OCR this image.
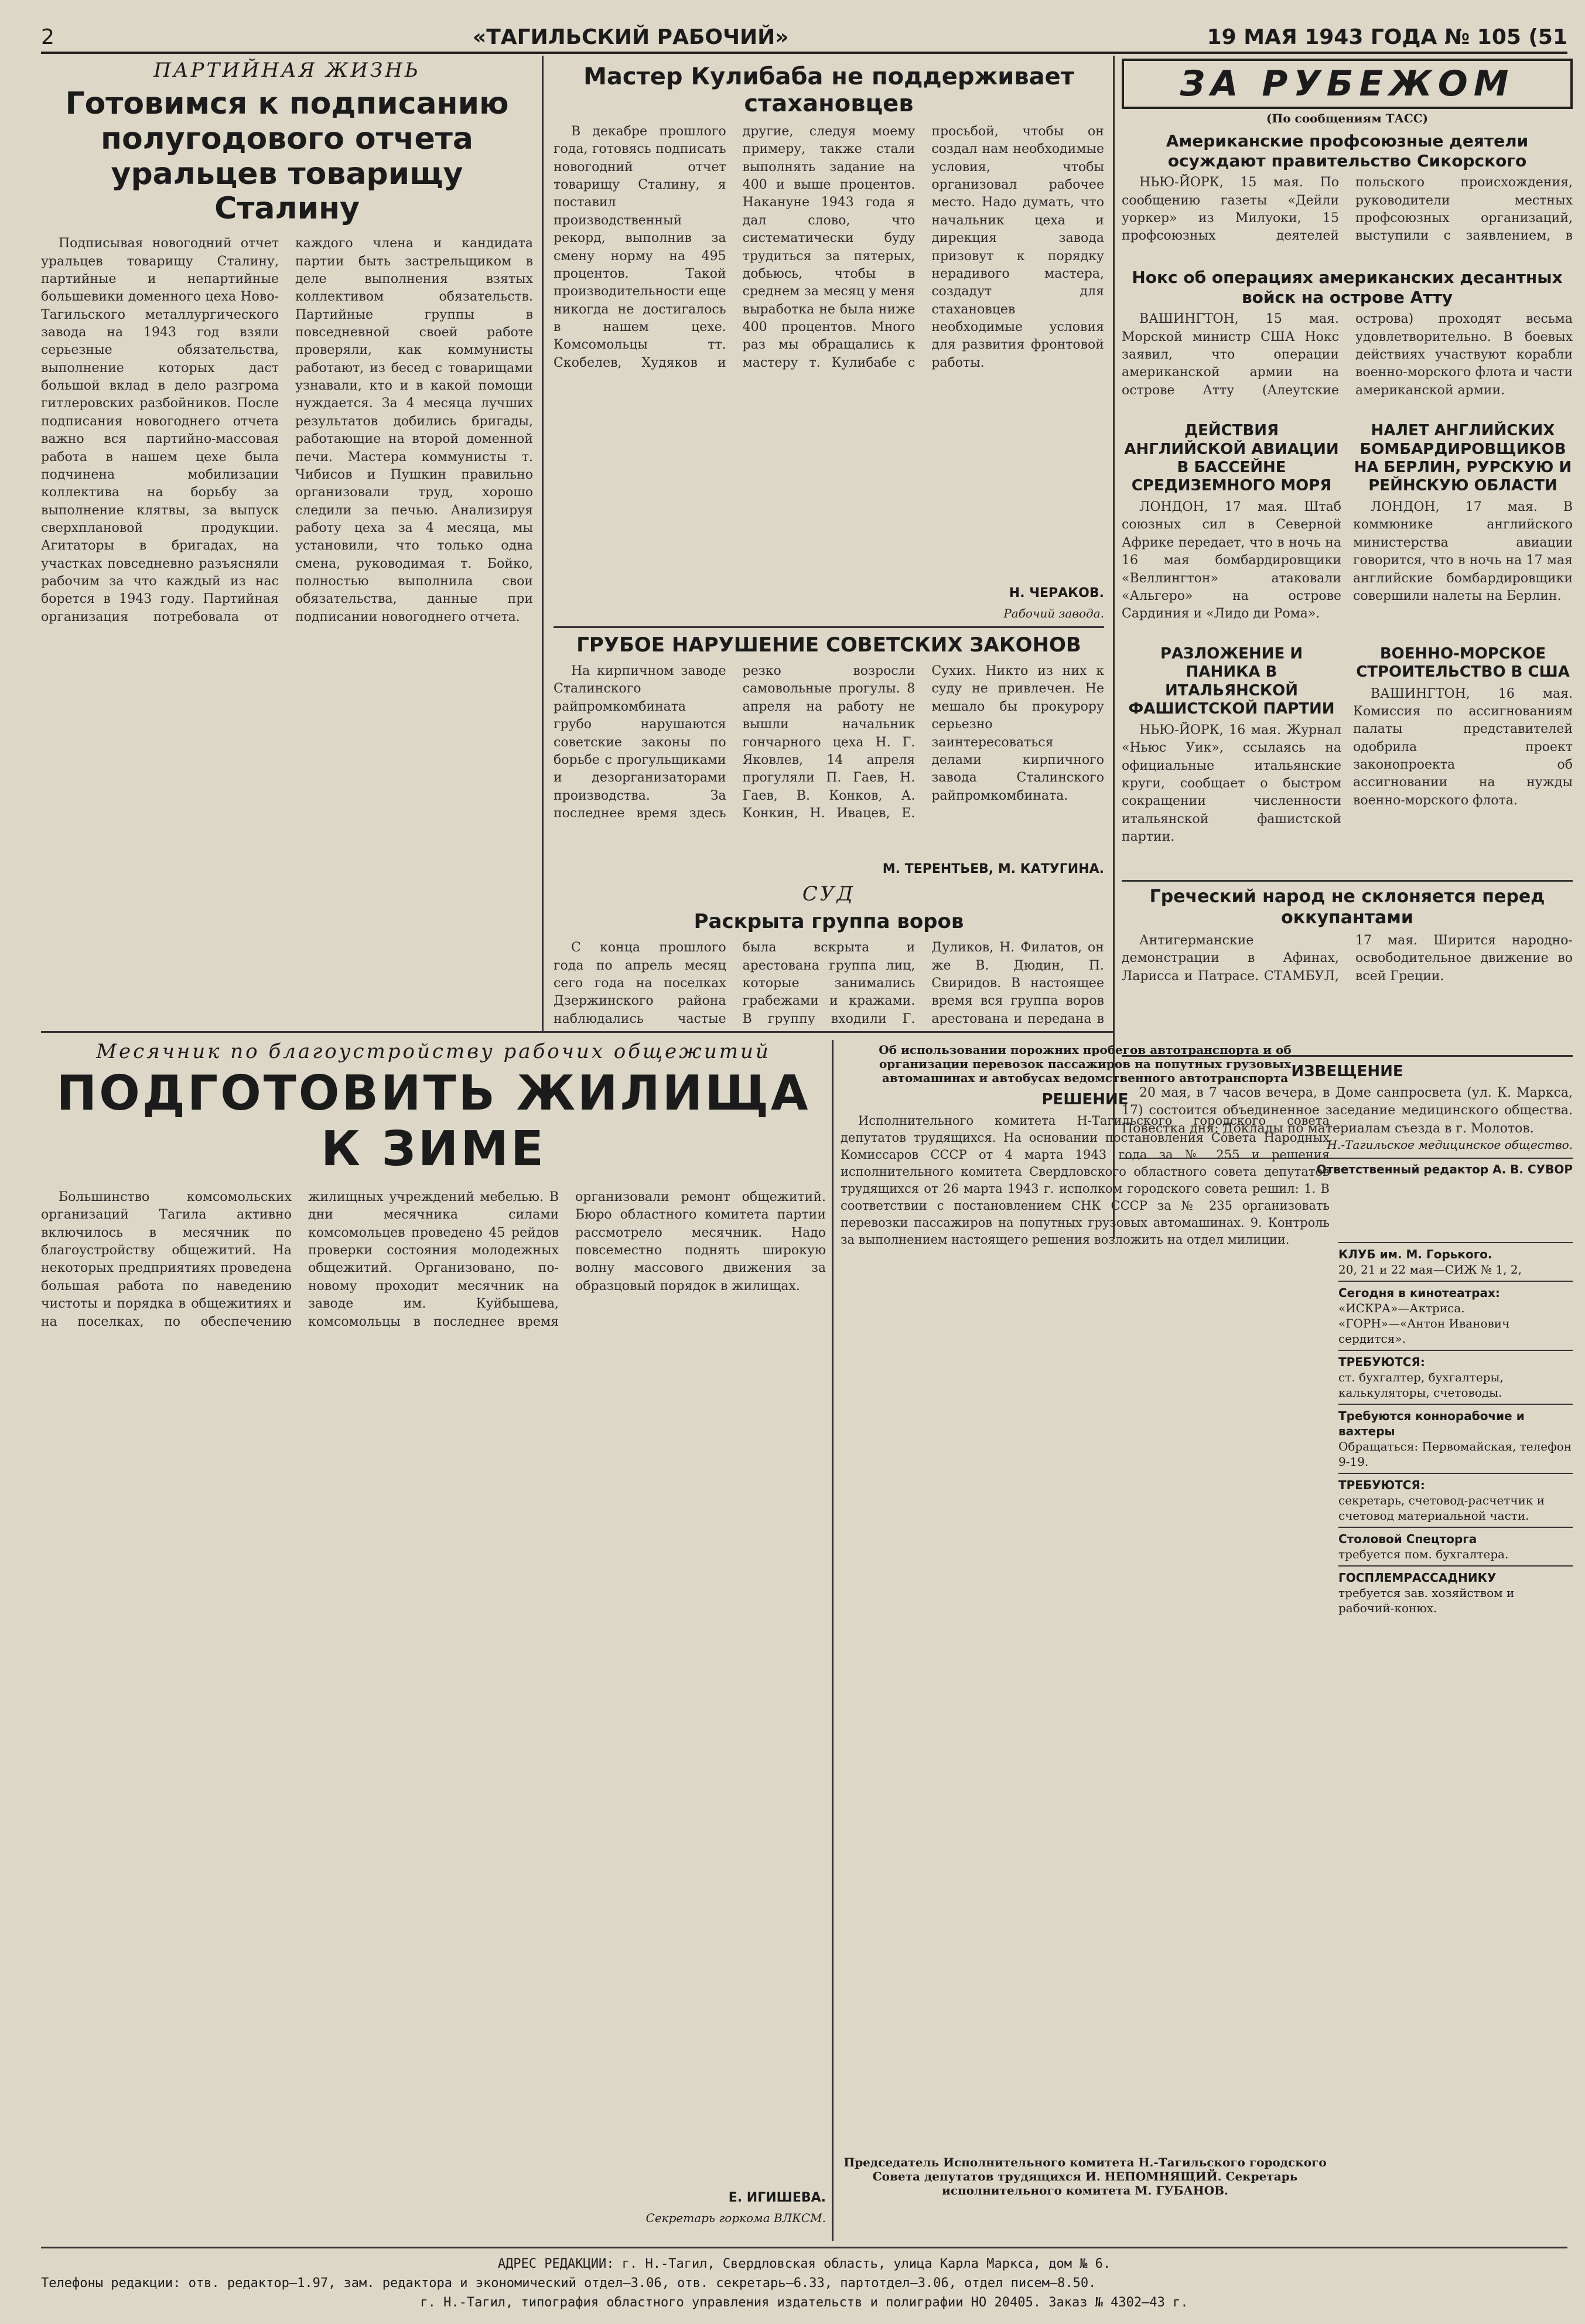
2	«ТАГИЛЬСКИЙ РАБОЧИЙ»	19 МАЯ 1943 ГОДА № 105 (51
ПАРТИЙНАЯ ЖИЗНЬ
Готовимся к подписанию полугодового отчета уральцев товарищу Сталину

Подписывая новогодний отчет уральцев товарищу Сталину, партийные и непартийные большевики доменного цеха Ново-Тагильского металлургического завода на 1943 год взяли серьезные обязательства, выполнение которых даст большой вклад в дело разгрома гитлеровских разбойников. После подписания новогоднего отчета важно вся партийно-массовая работа в нашем цехе была подчинена мобилизации коллектива на борьбу за выполнение клятвы, за выпуск сверхплановой продукции. Агитаторы в бригадах, на участках повседневно разъясняли рабочим за что каждый из нас борется в 1943 году. Партийная организация потребовала от каждого члена и кандидата партии быть застрельщиком в деле выполнения взятых коллективом обязательств. Партийные группы в повседневной своей работе проверяли, как коммунисты работают, из бесед с товарищами узнавали, кто и в какой помощи нуждается. За 4 месяца лучших результатов добились бригады, работающие на второй доменной печи. Мастера коммунисты т. Чибисов и Пушкин правильно организовали труд, хорошо следили за печью. Анализируя работу цеха за 4 месяца, мы установили, что только одна смена, руководимая т. Бойко, полностью выполнила свои обязательства, данные при подписании новогоднего отчета.

Мастер Кулибаба не поддерживает стахановцев

В декабре прошлого года, готовясь подписать новогодний отчет товарищу Сталину, я поставил производственный рекорд, выполнив за смену норму на 495 процентов. Такой производительности еще никогда не достигалось в нашем цехе. Комсомольцы тт. Скобелев, Худяков и другие, следуя моему примеру, также стали выполнять задание на 400 и выше процентов. Накануне 1943 года я дал слово, что систематически буду трудиться за пятерых, добьюсь, чтобы в среднем за месяц у меня выработка не была ниже 400 процентов. Много раз мы обращались к мастеру т. Кулибабе с просьбой, чтобы он создал нам необходимые условия, чтобы организовал рабочее место. Надо думать, что начальник цеха и дирекция завода призовут к порядку нерадивого мастера, создадут для стахановцев необходимые условия для развития фронтовой работы.

Н. ЧЕРАКОВ.
Рабочий завода.
ГРУБОЕ НАРУШЕНИЕ СОВЕТСКИХ ЗАКОНОВ

На кирпичном заводе Сталинского райпромкомбината грубо нарушаются советские законы по борьбе с прогульщиками и дезорганизаторами производства. За последнее время здесь резко возросли самовольные прогулы. 8 апреля на работу не вышли начальник гончарного цеха Н. Г. Яковлев, 14 апреля прогуляли П. Гаев, Н. Гаев, В. Конков, А. Конкин, Н. Ивацев, Е. Сухих. Никто из них к суду не привлечен. Не мешало бы прокурору серьезно заинтересоваться делами кирпичного завода Сталинского райпромкомбината.

М. ТЕРЕНТЬЕВ, М. КАТУГИНА.
СУД
Раскрыта группа воров

С конца прошлого года по апрель месяц сего года на поселках Дзержинского района наблюдались частые была вскрыта и арестована группа лиц, которые занимались грабежами и кражами. В группу входили Г. Дуликов, Н. Филатов, он же В. Дюдин, П. Свиридов. В настоящее время вся группа воров арестована и передана в

ЗА РУБЕЖОМ
(По сообщениям ТАСС)
Американские профсоюзные деятели осуждают правительство Сикорского

НЬЮ-ЙОРК, 15 мая. По сообщению газеты «Дейли уоркер» из Милуоки, 15 профсоюзных деятелей польского происхождения, руководители местных профсоюзных организаций, выступили с заявлением, в

Нокс об операциях американских десантных войск на острове Атту

ВАШИНГТОН, 15 мая. Морской министр США Нокс заявил, что операции американской армии на острове Атту (Алеутские острова) проходят весьма удовлетворительно. В боевых действиях участвуют корабли военно-морского флота и части американской армии.

ДЕЙСТВИЯ АНГЛИЙСКОЙ АВИАЦИИ В БАССЕЙНЕ СРЕДИЗЕМНОГО МОРЯ

ЛОНДОН, 17 мая. Штаб союзных сил в Северной Африке передает, что в ночь на 16 мая бомбардировщики «Веллингтон» атаковали «Альгеро» на острове Сардиния и «Лидо ди Рома».

РАЗЛОЖЕНИЕ И ПАНИКА В ИТАЛЬЯНСКОЙ ФАШИСТСКОЙ ПАРТИИ

НЬЮ-ЙОРК, 16 мая. Журнал «Ньюс Уик», ссылаясь на официальные итальянские круги, сообщает о быстром сокращении численности итальянской фашистской партии.

НАЛЕТ АНГЛИЙСКИХ БОМБАРДИРОВЩИКОВ НА БЕРЛИН, РУРСКУЮ И РЕЙНСКУЮ ОБЛАСТИ

ЛОНДОН, 17 мая. В коммюнике английского министерства авиации говорится, что в ночь на 17 мая английские бомбардировщики совершили налеты на Берлин.

ВОЕННО-МОРСКОЕ СТРОИТЕЛЬСТВО В США

ВАШИНГТОН, 16 мая. Комиссия по ассигнованиям палаты представителей одобрила проект законопроекта об ассигновании на нужды военно-морского флота.

Греческий народ не склоняется перед оккупантами

Антигерманские демонстрации в Афинах, Ларисса и Патрасе. СТАМБУЛ, 17 мая. Ширится народно-освободительное движение во всей Греции.

ИЗВЕЩЕНИЕ

20 мая, в 7 часов вечера, в Доме санпросвета (ул. К. Маркса, 17) состоится объединенное заседание медицинского общества. Повестка дня: Доклады по материалам съезда в г. Молотов.

Н.-Тагильское медицинское общество.
Ответственный редактор А. В. СУВОР
КЛУБ им. М. Горького.
20, 21 и 22 мая—СИЖ № 1, 2,
Сегодня в кинотеатрах:
«ИСКРА»—Актриса. «ГОРН»—«Антон Иванович сердится».
ТРЕБУЮТСЯ:
ст. бухгалтер, бухгалтеры, калькуляторы, счетоводы.
Требуются коннорабочие и вахтеры
Обращаться: Первомайская, телефон 9-19.
ТРЕБУЮТСЯ:
секретарь, счетовод-расчетчик и счетовод материальной части.
Столовой Спецторга
требуется пом. бухгалтера.
ГОСПЛЕМРАССАДНИКУ
требуется зав. хозяйством и рабочий-конюх.
Месячник по благоустройству рабочих общежитий
ПОДГОТОВИТЬ ЖИЛИЩА К ЗИМЕ

Большинство комсомольских организаций Тагила активно включилось в месячник по благоустройству общежитий. На некоторых предприятиях проведена большая работа по наведению чистоты и порядка в общежитиях и на поселках, по обеспечению жилищных учреждений мебелью. В дни месячника силами комсомольцев проведено 45 рейдов проверки состояния молодежных общежитий. Организовано, по-новому проходит месячник на заводе им. Куйбышева, комсомольцы в последнее время организовали ремонт общежитий. Бюро областного комитета партии рассмотрело месячник. Надо повсеместно поднять широкую волну массового движения за образцовый порядок в жилищах.

Е. ИГИШЕВА.
Секретарь горкома ВЛКСМ.
Об использовании порожних пробегов автотранспорта и об организации перевозок пассажиров на попутных грузовых автомашинах и автобусах ведомственного автотранспорта
РЕШЕНИЕ

Исполнительного комитета Н-Тагильского городского совета депутатов трудящихся. На основании постановления Совета Народных Комиссаров СССР от 4 марта 1943 года за № 255 и решения исполнительного комитета Свердловского областного совета депутатов трудящихся от 26 марта 1943 г. исполком городского совета решил: 1. В соответствии с постановлением СНК СССР за № 235 организовать перевозки пассажиров на попутных грузовых автомашинах. 9. Контроль за выполнением настоящего решения возложить на отдел милиции.

Председатель Исполнительного комитета Н.-Тагильского городского Совета депутатов трудящихся И. НЕПОМНЯЩИЙ. Секретарь исполнительного комитета М. ГУБАНОВ.
АДРЕС РЕДАКЦИИ: г. Н.-Тагил, Свердловская область, улица Карла Маркса, дом № 6.
Телефоны редакции: отв. редактор—1.97, зам. редактора и экономический отдел—3.06, отв. секретарь—6.33, партотдел—3.06, отдел писем—8.50.
г. Н.-Тагил, типография областного управления издательств и полиграфии НО 20405. Заказ № 4302—43 г.
